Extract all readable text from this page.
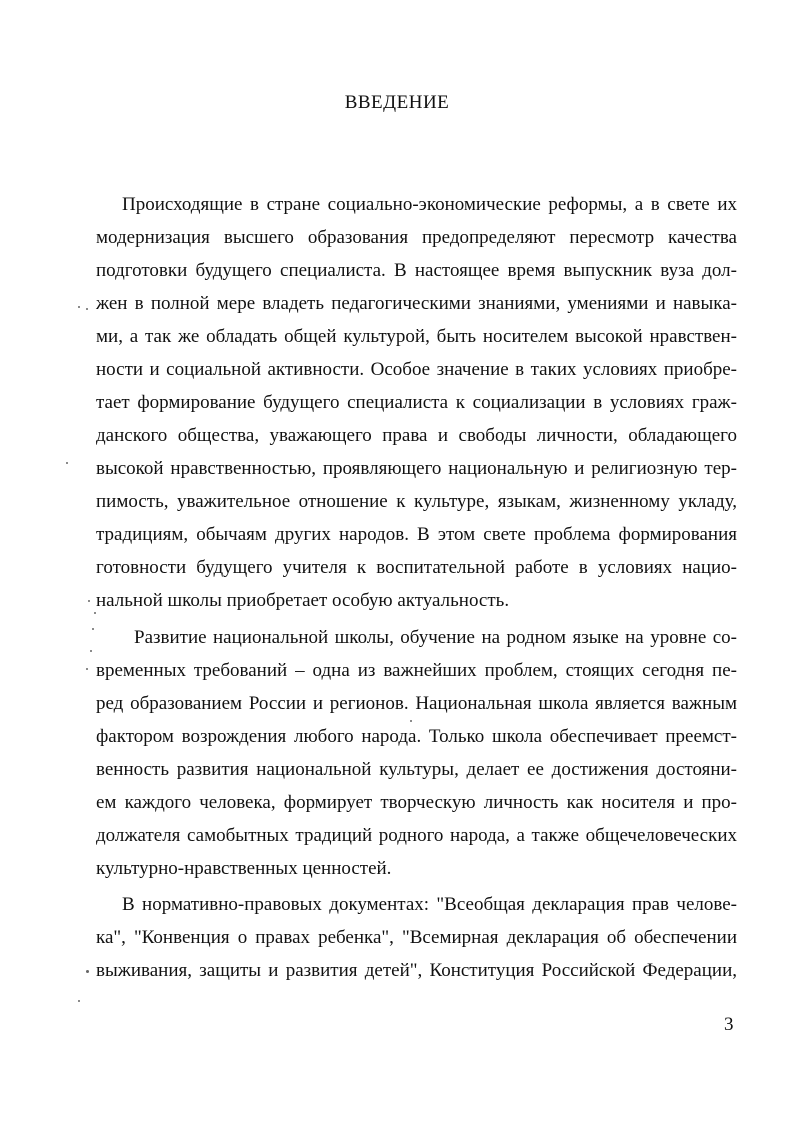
ВВЕДЕНИЕ
Происходящие в стране социально-экономические реформы, а в свете их
модернизация высшего образования предопределяют пересмотр качества
подготовки будущего специалиста. В настоящее время выпускник вуза дол-
жен в полной мере владеть педагогическими знаниями, умениями и навыка-
ми, а так же обладать общей культурой, быть носителем высокой нравствен-
ности и социальной активности. Особое значение в таких условиях приобре-
тает формирование будущего специалиста к социализации в условиях граж-
данского общества, уважающего права и свободы личности, обладающего
высокой нравственностью, проявляющего национальную и религиозную тер-
пимость, уважительное отношение к культуре, языкам, жизненному укладу,
традициям, обычаям других народов. В этом свете проблема формирования
готовности будущего учителя к воспитательной работе в условиях нацио-
нальной школы приобретает особую актуальность.
Развитие национальной школы, обучение на родном языке на уровне со-
временных требований – одна из важнейших проблем, стоящих сегодня пе-
ред образованием России и регионов. Национальная школа является важным
фактором возрождения любого народа. Только школа обеспечивает преемст-
венность развития национальной культуры, делает ее достижения достояни-
ем каждого человека, формирует творческую личность как носителя и про-
должателя самобытных традиций родного народа, а также общечеловеческих
культурно-нравственных ценностей.
В нормативно-правовых документах: "Всеобщая декларация прав челове-
ка", "Конвенция о правах ребенка", "Всемирная декларация об обеспечении
выживания, защиты и развития детей", Конституция Российской Федерации,
3
